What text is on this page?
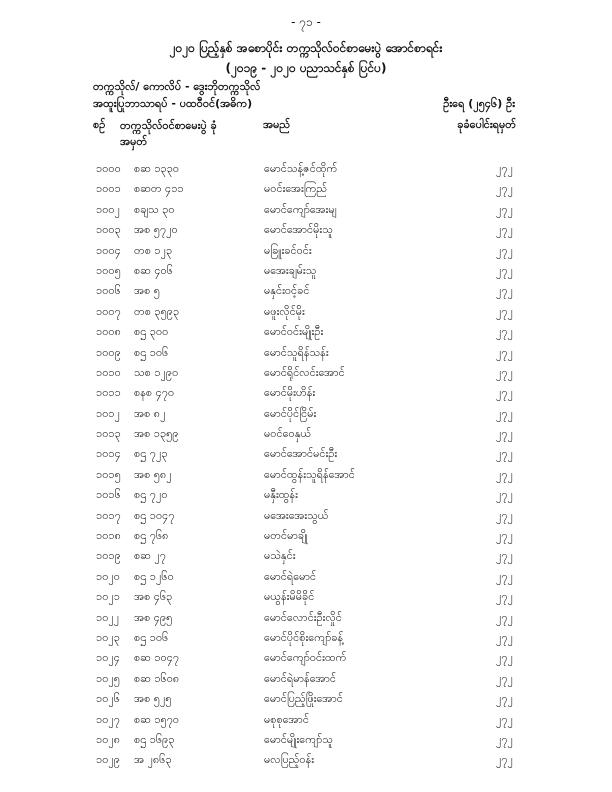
- ၇၁ -
၂၀၂၀ ပြည့်နှစ် အစောပိုင်း တက္ကသိုလ်ဝင်စာမေးပွဲ အောင်စာရင်း
(၂၀၁၉ - ၂၀၂၀ ပညာသင်နှစ် ပြင်ပ)
တက္ကသိုလ်/ ကောလိပ် - ဒွေးဘိုတက္ကသိုလ်
အထူးပြုဘာသာရပ် - ပထဝီဝင်(အဓိက)	ဦးရေ (၂၅၄၆) ဦး
စဉ် တက္ကသိုလ်ဝင်စာမေးပွဲ ခုံအမှတ်
အမည်	ခုခံပေါင်းရမှတ်
၁၀၀၀ စဆ ၁၃၃၀	မောင်သန့်ဇင်ထိုက်	၂၇၂
၁၀၀၁ စဆတ ၄၁၁	မဝင်းအေးကြည်	၂၇၂
၁၀၀၂ စချသ ၃၀	မောင်ကျော်အေးမျ	၂၇၂
၁၀၀၃ အစ ၅၇၂၀	မောင်အောင်မိုးသူ	၂၇၂
၁၀၀၄ တစ ၁၂၃	မခြူးခင်ဝင်း	၂၇၂
၁၀၀၅ စဆ ၄၀၆	မအေးချမ်းသူ	၂၇၂
၁၀၀၆ အစ ၅	မနှင်းဝင့်ခင်	၂၇၂
၁၀၀၇ တစ ၃၅၉၃	မဖူးလိုင်မိုး	၂၇၂
၁၀၀၈ စဌ ၃၀၀	မောင်ဝင်းမျိုးဦး	၂၇၂
၁၀၀၉ စဌ ၁၀၆	မောင်သူရိန်သန်း	၂၇၂
၁၀၁၀ သစ ၁၂၉၀	မောင်ရိုင်လင်းအောင်	၂၇၂
၁၀၁၁ စနစ ၄၇၀	မောင်မိုးဟိန်း	၂၇၂
၁၀၁၂ အစ ၈၂	မောင်ပိုင်ငြိမ်း	၂၇၂
၁၀၁၃ အစ ၁၃၅၉	မဝင်ဝေနှယ်	၂၇၂
၁၀၁၄ စဌ ၇၂၃	မောင်အောင်မင်းဦး	၂၇၂
၁၀၁၅ အစ ၅၈၂	မောင်ထွန်းသူရိန်အောင်	၂၇၂
၁၀၁၆ စဌ ၇၂၀	မနှီးထွန်း	၂၇၂
၁၀၁၇ စဌ ၁၀၄၇	မအေးအေးသွယ်	၂၇၂
၁၀၁၈ စဌ ၇၆၈	မတင်မာချို	၂၇၂
၁၀၁၉ စဆ ၂၇	မသဲနှင်း	၂၇၂
၁၀၂၀ စဌ ၁၂၆၀	မောင်ရဲမောင်	၂၇၂
၁၀၂၁ အစ ၄၆၃	မယွန်းမိမိခိုင်	၂၇၂
၁၀၂၂ အစ ၄၉၅	မောင်လောင်းဦးလှိုင်	၂၇၂
၁၀၂၃ စဌ ၁၀၆	မောင်ပိုင်စိုးကျော်ခန့်	၂၇၂
၁၀၂၄ စဆ ၁၀၄၇	မောင်ကျော်ဝင်းထက်	၂၇၂
၁၀၂၅ စဆ ၁၆၀၈	မောင်ရဲမာန်အောင်	၂၇၂
၁၀၂၆ အစ ၅၂၅	မောင်ပြည့်ဖြိုးအောင်	၂၇၂
၁၀၂၇ စဆ ၁၅၇၀	မစုစုအောင်	၂၇၂
၁၀၂၈ စဌ ၁၆၉၃	မောင်မျိုးကျော်သူ	၂၇၂
၁၀၂၉ အ ၂၈၆၃	မလပြည့်ဝန်း	၂၇၂
